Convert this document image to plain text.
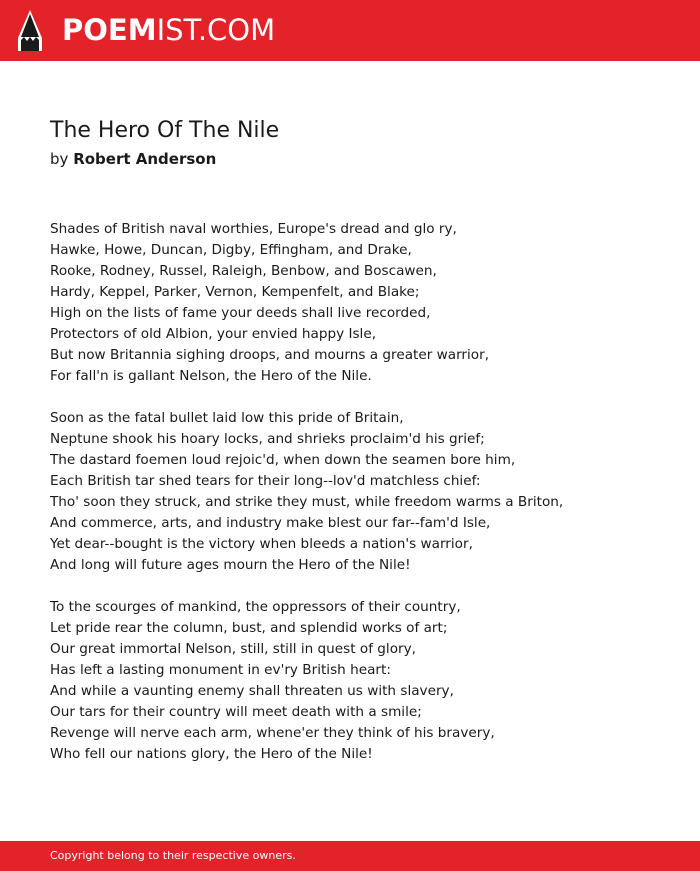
POEMIST.COM
The Hero Of The Nile
by Robert Anderson
Shades of British naval worthies, Europe's dread and glo ry,
Hawke, Howe, Duncan, Digby, Effingham, and Drake,
Rooke, Rodney, Russel, Raleigh, Benbow, and Boscawen,
Hardy, Keppel, Parker, Vernon, Kempenfelt, and Blake;
High on the lists of fame your deeds shall live recorded,
Protectors of old Albion, your envied happy Isle,
But now Britannia sighing droops, and mourns a greater warrior,
For fall'n is gallant Nelson, the Hero of the Nile.
Soon as the fatal bullet laid low this pride of Britain,
Neptune shook his hoary locks, and shrieks proclaim'd his grief;
The dastard foemen loud rejoic'd, when down the seamen bore him,
Each British tar shed tears for their long--lov'd matchless chief:
Tho' soon they struck, and strike they must, while freedom warms a Briton,
And commerce, arts, and industry make blest our far--fam'd Isle,
Yet dear--bought is the victory when bleeds a nation's warrior,
And long will future ages mourn the Hero of the Nile!
To the scourges of mankind, the oppressors of their country,
Let pride rear the column, bust, and splendid works of art;
Our great immortal Nelson, still, still in quest of glory,
Has left a lasting monument in ev'ry British heart:
And while a vaunting enemy shall threaten us with slavery,
Our tars for their country will meet death with a smile;
Revenge will nerve each arm, whene'er they think of his bravery,
Who fell our nations glory, the Hero of the Nile!
Copyright belong to their respective owners.
